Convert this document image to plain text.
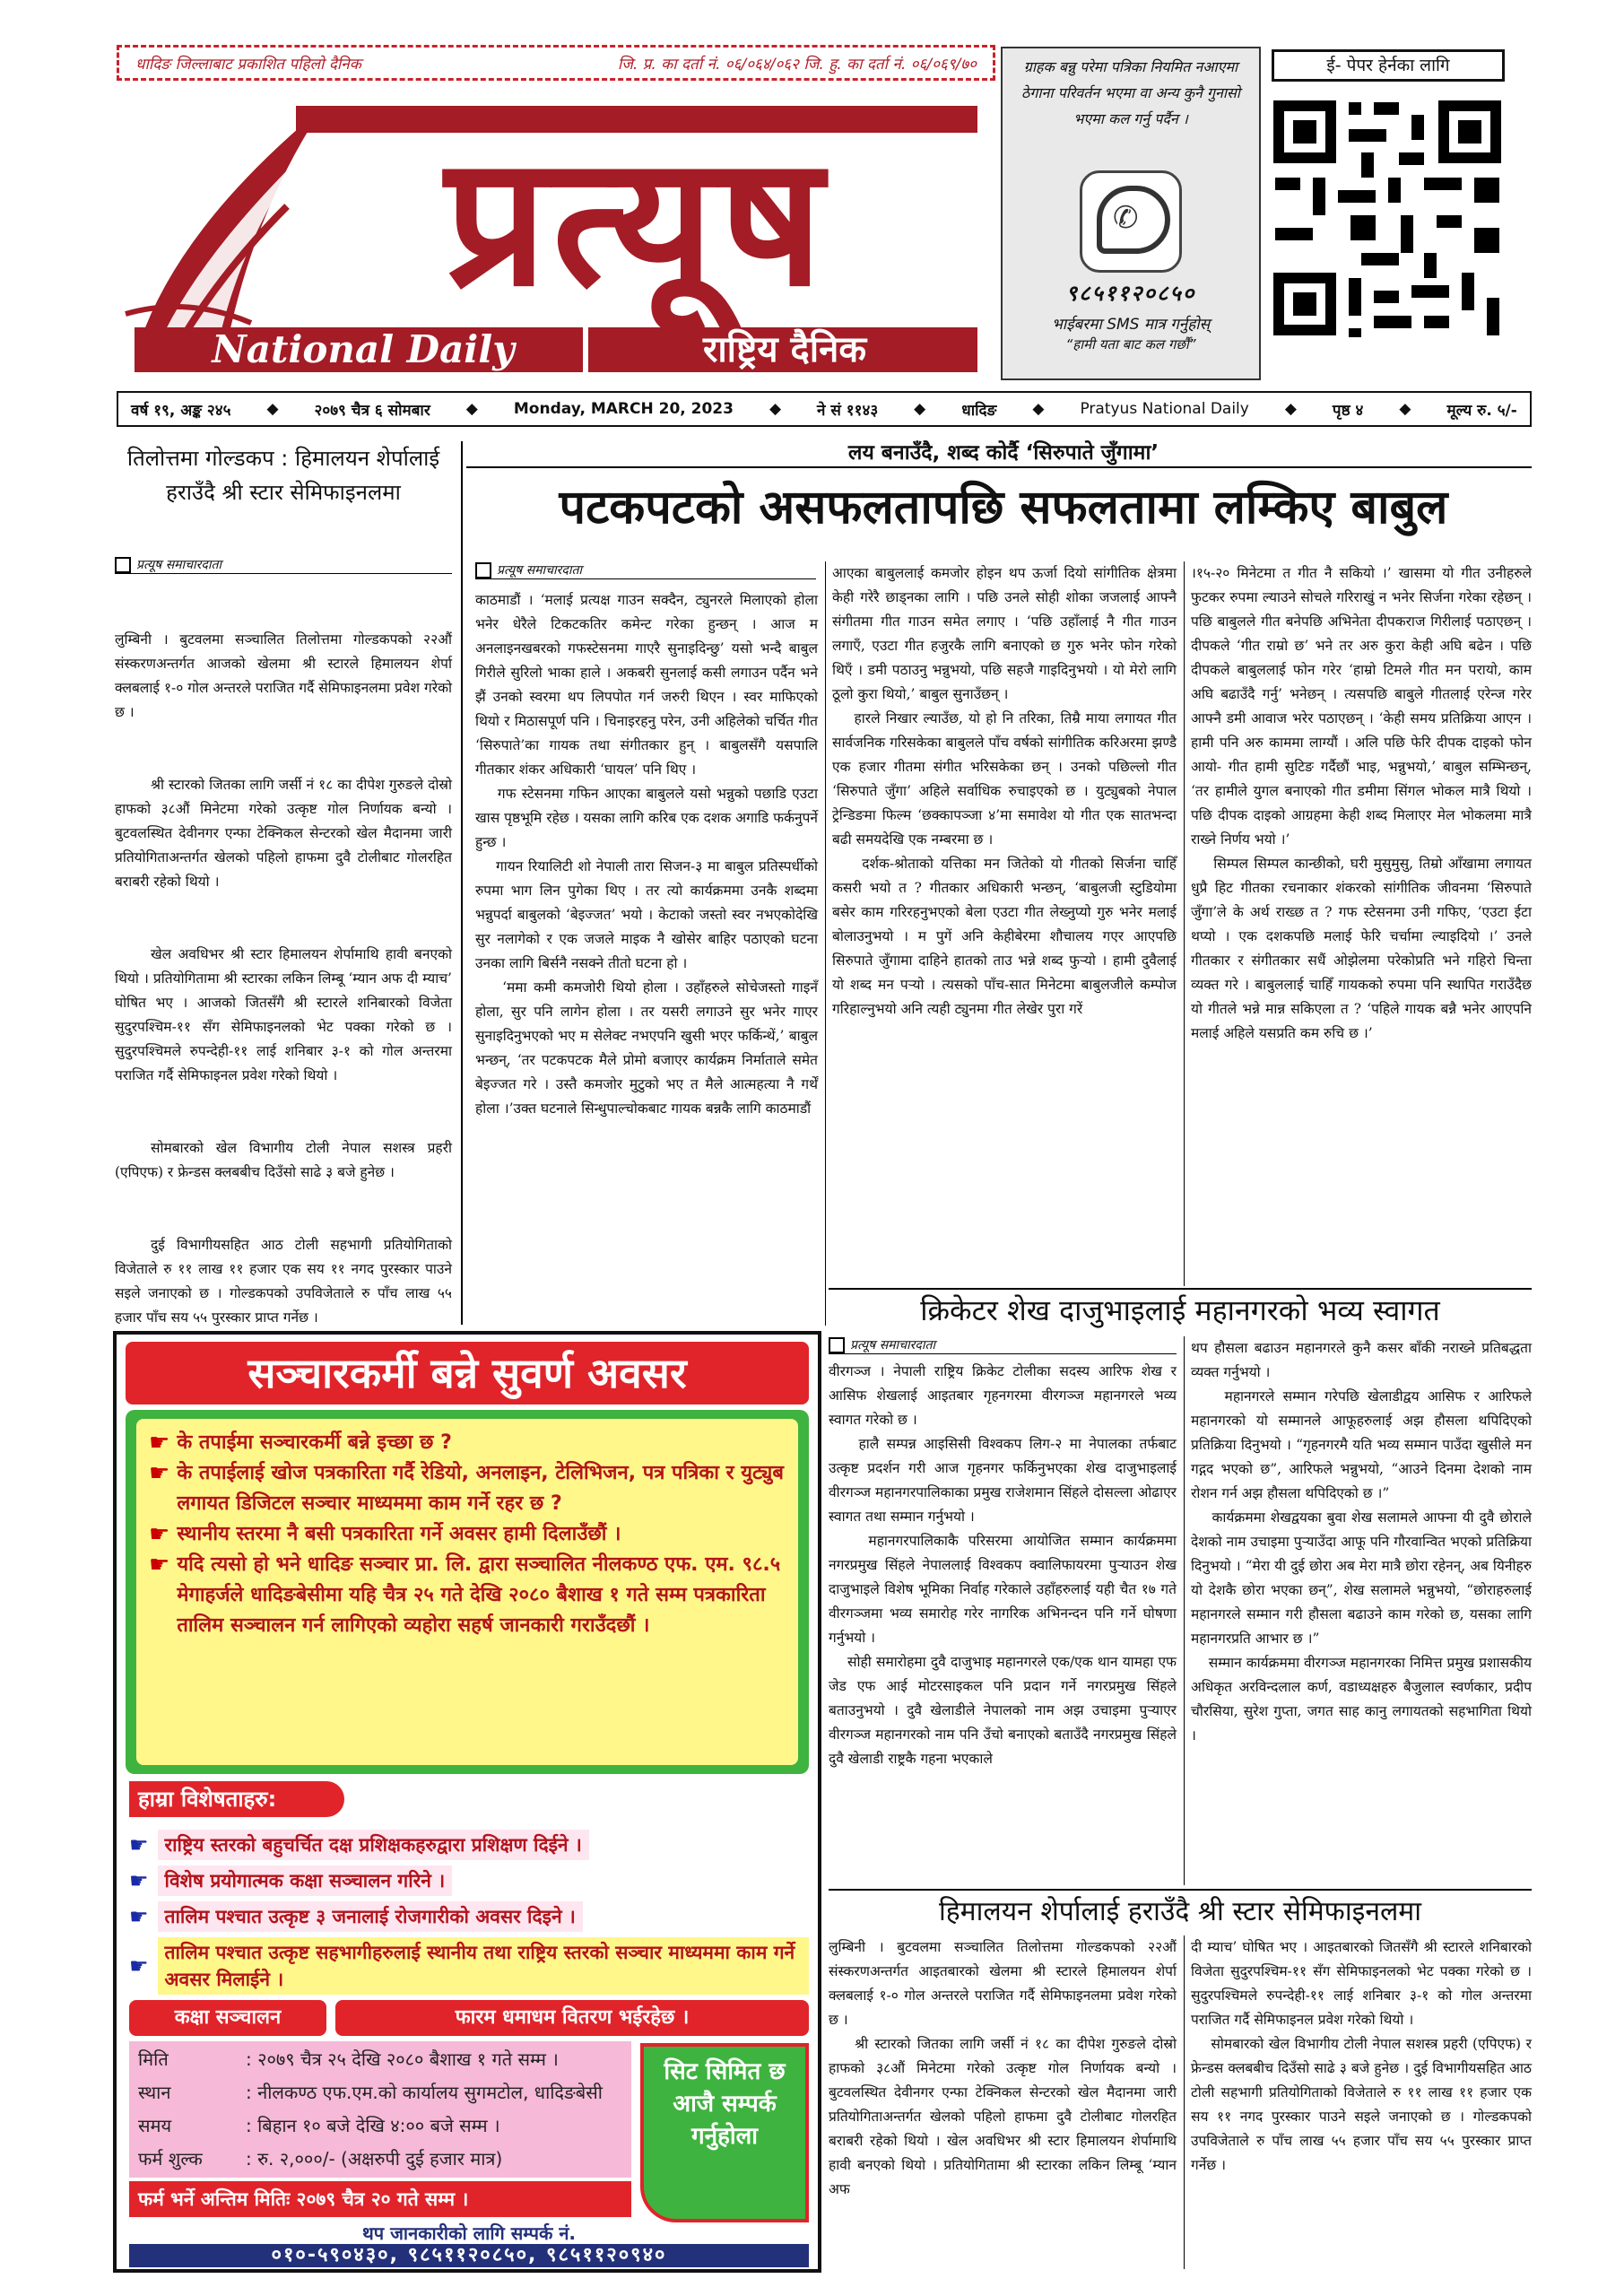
धादिङ जिल्लाबाट प्रकाशित पहिलो दैनिक	जि. प्र. का दर्ता नं. ०६/०६४/०६२ जि. हु. का दर्ता नं. ०६/०६९/७०
प्रत्यूष
National Daily	राष्ट्रिय दैनिक
ग्राहक बन्नु परेमा पत्रिका नियमित नआएमा ठेगाना परिवर्तन भएमा वा अन्य कुनै गुनासो भएमा कल गर्नु पर्दैन ।
✆
९८५११२०८५०
भाईबरमा SMS मात्र गर्नुहोस्
“हामी यता बाट कल गर्छौं”
ई- पेपर हेर्नका लागि
वर्ष १९, अङ्क २४५ ◆ २०७९ चैत्र ६ सोमबार ◆ Monday, MARCH 20, 2023 ◆ ने सं ११४३ ◆ धादिङ ◆ Pratyus National Daily ◆ पृष्ठ ४ ◆ मूल्य रु. ५/-
तिलोत्तमा गोल्डकप : हिमालयन शेर्पालाई हराउँदै श्री स्टार सेमिफाइनलमा
प्रत्यूष समाचारदाता

लुम्बिनी । बुटवलमा सञ्चालित तिलोत्तमा गोल्डकपको २२औं संस्करणअन्तर्गत आजको खेलमा श्री स्टारले हिमालयन शेर्पा क्लबलाई १-० गोल अन्तरले पराजित गर्दै सेमिफाइनलमा प्रवेश गरेको छ ।

श्री स्टारको जितका लागि जर्सी नं १८ का दीपेश गुरुङले दोस्रो हाफको ३८औं मिनेटमा गरेको उत्कृष्ट गोल निर्णायक बन्यो । बुटवलस्थित देवीनगर एन्फा टेक्निकल सेन्टरको खेल मैदानमा जारी प्रतियोगिताअन्तर्गत खेलको पहिलो हाफमा दुवै टोलीबाट गोलरहित बराबरी रहेको थियो ।

खेल अवधिभर श्री स्टार हिमालयन शेर्पामाथि हावी बनएको थियो । प्रतियोगितामा श्री स्टारका लकिन लिम्बू ‘म्यान अफ दी म्याच’ घोषित भए । आजको जितसँगै श्री स्टारले शनिबारको विजेता सुदुरपश्चिम-११ सँग सेमिफाइनलको भेट पक्का गरेको छ । सुदुरपश्चिमले रुपन्देही-११ लाई शनिबार ३-१ को गोल अन्तरमा पराजित गर्दै सेमिफाइनल प्रवेश गरेको थियो ।

सोमबारको खेल विभागीय टोली नेपाल सशस्त्र प्रहरी (एपिएफ) र फ्रेन्डस क्लबबीच दिउँसो साढे ३ बजे हुनेछ ।

दुई विभागीयसहित आठ टोली सहभागी प्रतियोगिताको विजेताले रु ११ लाख ११ हजार एक सय ११ नगद पुरस्कार पाउने सइले जनाएको छ । गोल्डकपको उपविजेताले रु पाँच लाख ५५ हजार पाँच सय ५५ पुरस्कार प्राप्त गर्नेछ ।

लय बनाउँदै, शब्द कोर्दै ‘सिरुपाते जुँगामा’
पटकपटको असफलतापछि सफलतामा लम्किए बाबुल
प्रत्यूष समाचारदाता
काठमाडौं । ‘मलाई प्रत्यक्ष गाउन सक्दैन, ट्युनरले मिलाएको होला भनेर धेरैले टिकटकतिर कमेन्ट गरेका हुन्छन् । आज म अनलाइनखबरको गफस्टेसनमा गाएरै सुनाइदिन्छु’ यसो भन्दै बाबुल गिरीले सुरिलो भाका हाले । अकबरी सुनलाई कसी लगाउन पर्दैन भने झैं उनको स्वरमा थप लिपपोत गर्न जरुरी थिएन । स्वर माफिएको थियो र मिठासपूर्ण पनि । चिनाइरहनु परेन, उनी अहिलेको चर्चित गीत ‘सिरुपाते’का गायक तथा संगीतकार हुन् । बाबुलसँगै यसपालि गीतकार शंकर अधिकारी ‘घायल’ पनि थिए ।
गफ स्टेसनमा गफिन आएका बाबुलले यसो भन्नुको पछाडि एउटा खास पृष्ठभूमि रहेछ । यसका लागि करिब एक दशक अगाडि फर्कनुपर्ने हुन्छ ।
गायन रियालिटी शो नेपाली तारा सिजन-३ मा बाबुल प्रतिस्पर्धीको रुपमा भाग लिन पुगेका थिए । तर त्यो कार्यक्रममा उनकै शब्दमा भन्नुपर्दा बाबुलको ‘बेइज्जत’ भयो । केटाको जस्तो स्वर नभएकोदेखि सुर नलागेको र एक जजले माइक नै खोसेर बाहिर पठाएको घटना उनका लागि बिर्सनै नसक्ने तीतो घटना हो ।
‘ममा कमी कमजोरी थियो होला । उहाँहरुले सोचेजस्तो गाइनँ होला, सुर पनि लागेन होला । तर यसरी लगाउने सुर भनेर गाएर सुनाइदिनुभएको भए म सेलेक्ट नभएपनि खुसी भएर फर्किन्थें,’ बाबुल भन्छन्, ‘तर पटकपटक मैले प्रोमो बजाएर कार्यक्रम निर्माताले समेत बेइज्जत गरे । उस्तै कमजोर मुटुको भए त मैले आत्महत्या नै गर्थें होला ।’उक्त घटनाले सिन्धुपाल्चोकबाट गायक बन्नकै लागि काठमाडौं
आएका बाबुललाई कमजोर होइन थप ऊर्जा दियो सांगीतिक क्षेत्रमा केही गरेरै छाड्नका लागि । पछि उनले सोही शोका जजलाई आफ्नै संगीतमा गीत गाउन समेत लगाए । ‘पछि उहाँलाई नै गीत गाउन लगाएँ, एउटा गीत हजुरकै लागि बनाएको छ गुरु भनेर फोन गरेको थिएँ । डमी पठाउनु भन्नुभयो, पछि सहजै गाइदिनुभयो । यो मेरो लागि ठूलो कुरा थियो,’ बाबुल सुनाउँछन् ।
हारले निखार ल्याउँछ, यो हो नि तरिका, तिम्रै माया लगायत गीत सार्वजनिक गरिसकेका बाबुलले पाँच वर्षको सांगीतिक करिअरमा झण्डै एक हजार गीतमा संगीत भरिसकेका छन् । उनको पछिल्लो गीत ‘सिरुपाते जुँगा’ अहिले सर्वाधिक रुचाइएको छ । युट्युबको नेपाल ट्रेन्डिङमा फिल्म ‘छक्कापञ्जा ४’मा समावेश यो गीत एक सातभन्दा बढी समयदेखि एक नम्बरमा छ ।
दर्शक-श्रोताको यत्तिका मन जितेको यो गीतको सिर्जना चाहिँ कसरी भयो त ? गीतकार अधिकारी भन्छन्, ‘बाबुलजी स्टुडियोमा बसेर काम गरिरहनुभएको बेला एउटा गीत लेख्नुप्यो गुरु भनेर मलाई बोलाउनुभयो । म पुगें अनि केहीबेरमा शौचालय गएर आएपछि सिरुपाते जुँगामा दाहिने हातको ताउ भन्ने शब्द फुर्‍यो । हामी दुवैलाई यो शब्द मन पर्‍यो । त्यसको पाँच-सात मिनेटमा बाबुलजीले कम्पोज गरिहाल्नुभयो अनि त्यही ट्युनमा गीत लेखेर पुरा गरें
।१५-२० मिनेटमा त गीत नै सकियो ।’ खासमा यो गीत उनीहरुले फुटकर रुपमा ल्याउने सोचले गरिराखुं न भनेर सिर्जना गरेका रहेछन् । पछि बाबुलले गीत बनेपछि अभिनेता दीपकराज गिरीलाई पठाएछन् । दीपकले ‘गीत राम्रो छ’ भने तर अरु कुरा केही अघि बढेन । पछि दीपकले बाबुललाई फोन गरेर ‘हाम्रो टिमले गीत मन परायो, काम अघि बढाउँदै गर्नु’ भनेछन् । त्यसपछि बाबुले गीतलाई एरेन्ज गरेर आफ्नै डमी आवाज भरेर पठाएछन् । ‘केही समय प्रतिक्रिया आएन । हामी पनि अरु काममा लाग्यौं । अलि पछि फेरि दीपक दाइको फोन आयो- गीत हामी सुटिङ गर्दैछौं भाइ, भन्नुभयो,’ बाबुल सम्भिन्छन्, ‘तर हामीले युगल बनाएको गीत डमीमा सिंगल भोकल मात्रै थियो । पछि दीपक दाइको आग्रहमा केही शब्द मिलाएर मेल भोकलमा मात्रै राख्ने निर्णय भयो ।’
सिम्पल सिम्पल कान्छीको, घरी मुसुमुसु, तिम्रो आँखामा लगायत धुप्रै हिट गीतका रचनाकार शंकरको सांगीतिक जीवनमा ‘सिरुपाते जुँगा’ले के अर्थ राख्छ त ? गफ स्टेसनमा उनी गफिए, ‘एउटा ईटा थप्यो । एक दशकपछि मलाई फेरि चर्चामा ल्याइदियो ।’ उनले गीतकार र संगीतकार सधैं ओझेलमा परेकोप्रति भने गहिरो चिन्ता व्यक्त गरे । बाबुललाई चाहिँ गायकको रुपमा पनि स्थापित गराउँदैछ यो गीतले भन्ने मान्न सकिएला त ? ‘पहिले गायक बन्नै भनेर आएपनि मलाई अहिले यसप्रति कम रुचि छ ।’
क्रिकेटर शेख दाजुभाइलाई महानगरको भव्य स्वागत
प्रत्यूष समाचारदाता
वीरगञ्ज । नेपाली राष्ट्रिय क्रिकेट टोलीका सदस्य आरिफ शेख र आसिफ शेखलाई आइतबार गृहनगरमा वीरगञ्ज महानगरले भव्य स्वागत गरेको छ ।
हालै सम्पन्न आइसिसी विश्वकप लिग-२ मा नेपालका तर्फबाट उत्कृष्ट प्रदर्शन गरी आज गृहनगर फर्किनुभएका शेख दाजुभाइलाई वीरगञ्ज महानगरपालिकाका प्रमुख राजेशमान सिंहले दोसल्ला ओढाएर स्वागत तथा सम्मान गर्नुभयो ।
महानगरपालिकाकै परिसरमा आयोजित सम्मान कार्यक्रममा नगरप्रमुख सिंहले नेपाललाई विश्वकप क्वालिफायरमा पुऱ्याउन शेख दाजुभाइले विशेष भूमिका निर्वाह गरेकाले उहाँहरुलाई यही चैत १७ गते वीरगञ्जमा भव्य समारोह गरेर नागरिक अभिनन्दन पनि गर्ने घोषणा गर्नुभयो ।
सोही समारोहमा दुवै दाजुभाइ महानगरले एक/एक थान यामहा एफ जेड एफ आई मोटरसाइकल पनि प्रदान गर्ने नगरप्रमुख सिंहले बताउनुभयो । दुवै खेलाडीले नेपालको नाम अझ उचाइमा पुऱ्याएर वीरगञ्ज महानगरको नाम पनि उँचो बनाएको बताउँदै नगरप्रमुख सिंहले दुवै खेलाडी राष्ट्रकै गहना भएकाले
थप हौसला बढाउन महानगरले कुनै कसर बाँकी नराख्ने प्रतिबद्धता व्यक्त गर्नुभयो ।
महानगरले सम्मान गरेपछि खेलाडीद्वय आसिफ र आरिफले महानगरको यो सम्मानले आफूहरुलाई अझ हौसला थपिदिएको प्रतिक्रिया दिनुभयो । “गृहनगरमै यति भव्य सम्मान पाउँदा खुसीले मन गद्गद भएको छ”, आरिफले भन्नुभयो, “आउने दिनमा देशको नाम रोशन गर्न अझ हौसला थपिदिएको छ ।”
कार्यक्रममा शेखद्वयका बुवा शेख सलामले आफ्ना यी दुवै छोराले देशको नाम उचाइमा पुऱ्याउँदा आफू पनि गौरवान्वित भएको प्रतिक्रिया दिनुभयो । “मेरा यी दुई छोरा अब मेरा मात्रै छोरा रहेनन्, अब यिनीहरु यो देशकै छोरा भएका छन्”, शेख सलामले भन्नुभयो, “छोराहरुलाई महानगरले सम्मान गरी हौसला बढाउने काम गरेको छ, यसका लागि महानगरप्रति आभार छ ।”
सम्मान कार्यक्रममा वीरगञ्ज महानगरका निमित्त प्रमुख प्रशासकीय अधिकृत अरविन्दलाल कर्ण, वडाध्यक्षहरु बैजुलाल स्वर्णकार, प्रदीप चौरसिया, सुरेश गुप्ता, जगत साह कानु लगायतको सहभागिता थियो ।
हिमालयन शेर्पालाई हराउँदै श्री स्टार सेमिफाइनलमा
लुम्बिनी । बुटवलमा सञ्चालित तिलोत्तमा गोल्डकपको २२औं संस्करणअन्तर्गत आइतबारको खेलमा श्री स्टारले हिमालयन शेर्पा क्लबलाई १-० गोल अन्तरले पराजित गर्दै सेमिफाइनलमा प्रवेश गरेको छ ।
श्री स्टारको जितका लागि जर्सी नं १८ का दीपेश गुरुङले दोस्रो हाफको ३८औं मिनेटमा गरेको उत्कृष्ट गोल निर्णायक बन्यो । बुटवलस्थित देवीनगर एन्फा टेक्निकल सेन्टरको खेल मैदानमा जारी प्रतियोगिताअन्तर्गत खेलको पहिलो हाफमा दुवै टोलीबाट गोलरहित बराबरी रहेको थियो । खेल अवधिभर श्री स्टार हिमालयन शेर्पामाथि हावी बनएको थियो । प्रतियोगितामा श्री स्टारका लकिन लिम्बू ‘म्यान अफ
दी म्याच’ घोषित भए । आइतबारको जितसँगै श्री स्टारले शनिबारको विजेता सुदुरपश्चिम-११ सँग सेमिफाइनलको भेट पक्का गरेको छ । सुदुरपश्चिमले रुपन्देही-११ लाई शनिबार ३-१ को गोल अन्तरमा पराजित गर्दै सेमिफाइनल प्रवेश गरेको थियो ।
सोमबारको खेल विभागीय टोली नेपाल सशस्त्र प्रहरी (एपिएफ) र फ्रेन्डस क्लबबीच दिउँसो साढे ३ बजे हुनेछ । दुई विभागीयसहित आठ टोली सहभागी प्रतियोगिताको विजेताले रु ११ लाख ११ हजार एक सय ११ नगद पुरस्कार पाउने सइले जनाएको छ । गोल्डकपको उपविजेताले रु पाँच लाख ५५ हजार पाँच सय ५५ पुरस्कार प्राप्त गर्नेछ ।
सञ्चारकर्मी बन्ने सुवर्ण अवसर
☛ के तपाईमा सञ्चारकर्मी बन्ने इच्छा छ ?
☛ के तपाईलाई खोज पत्रकारिता गर्दै रेडियो, अनलाइन, टेलिभिजन, पत्र पत्रिका र युट्युब लगायत डिजिटल सञ्चार माध्यममा काम गर्ने रहर छ ?
☛ स्थानीय स्तरमा नै बसी पत्रकारिता गर्ने अवसर हामी दिलाउँछौं ।
☛ यदि त्यसो हो भने धादिङ सञ्चार प्रा. लि. द्वारा सञ्चालित नीलकण्ठ एफ. एम. ९८.५ मेगाहर्जले धादिङबेसीमा यहि चैत्र २५ गते देखि २०८० बैशाख १ गते सम्म पत्रकारिता तालिम सञ्चालन गर्न लागिएको व्यहोरा सहर्ष जानकारी गराउँदछौं ।
हाम्रा विशेषताहरु:
☛ राष्ट्रिय स्तरको बहुचर्चित दक्ष प्रशिक्षकहरुद्वारा प्रशिक्षण दिईने ।
☛ विशेष प्रयोगात्मक कक्षा सञ्चालन गरिने ।
☛ तालिम पश्चात उत्कृष्ट ३ जनालाई रोजगारीको अवसर दिइने ।
☛
तालिम पश्चात उत्कृष्ट सहभागीहरुलाई स्थानीय तथा राष्ट्रिय स्तरको सञ्चार माध्यममा काम गर्ने अवसर मिलाईने ।
कक्षा सञ्चालन	फारम धमाधम वितरण भईरहेछ ।
मिति	: २०७९ चैत्र २५ देखि २०८० बैशाख १ गते सम्म ।
स्थान	: नीलकण्ठ एफ.एम.को कार्यालय सुगमटोल, धादिङबेसी
समय	: बिहान १० बजे देखि ४:०० बजे सम्म ।
फर्म शुल्क	: रु. २,०००/- (अक्षरुपी दुई हजार मात्र)
सिट सिमित छ आजै सम्पर्क गर्नुहोला
फर्म भर्ने अन्तिम मितिः २०७९ चैत्र २० गते सम्म ।
थप जानकारीको लागि सम्पर्क नं.
०१०-५९०४३०, ९८५११२०८५०, ९८५११२०९४०
